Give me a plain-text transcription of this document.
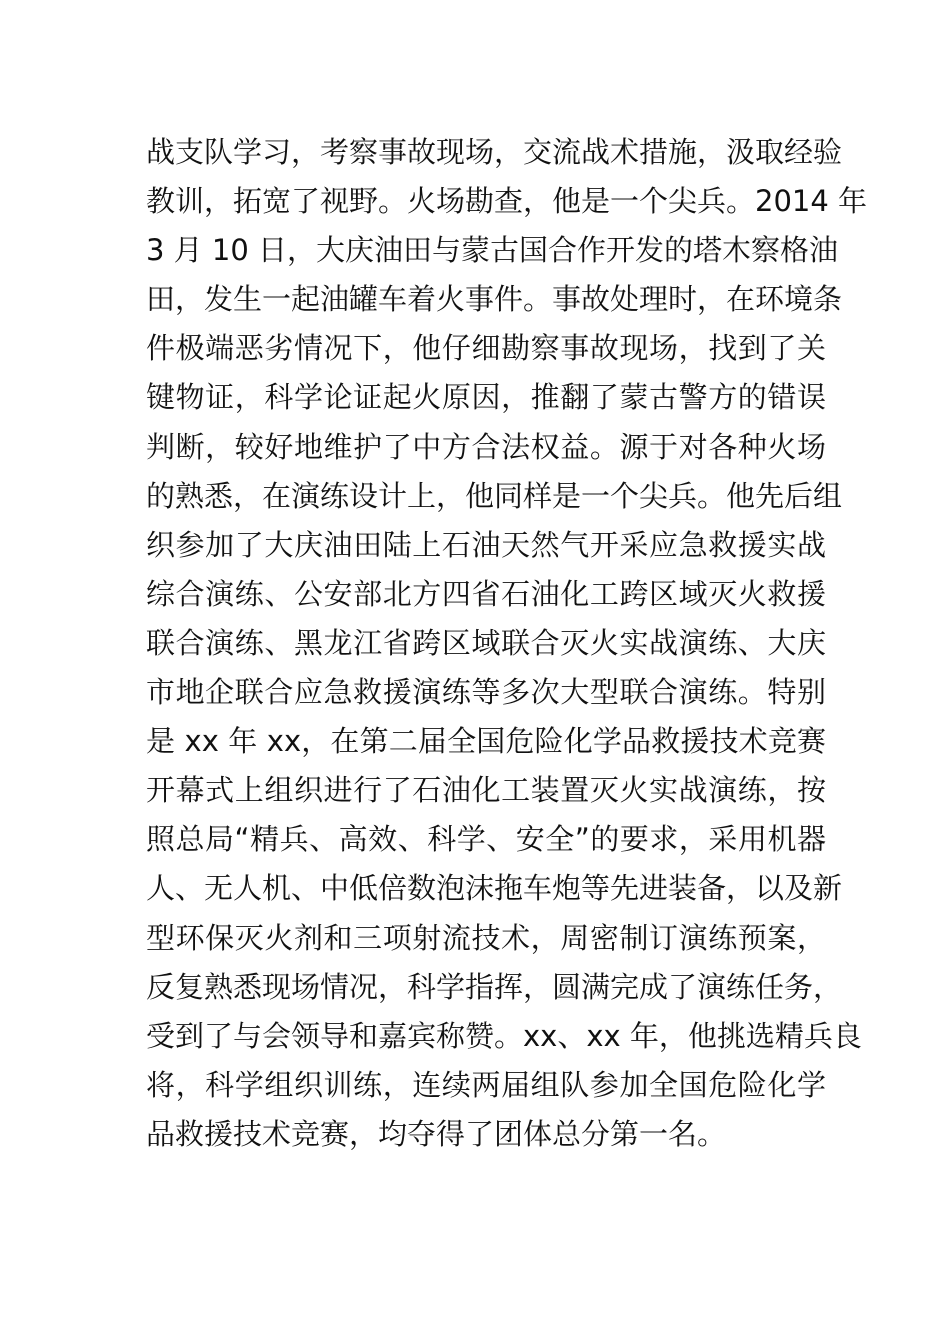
战支队学习，考察事故现场，交流战术措施，汲取经验
教训，拓宽了视野。火场勘查，他是一个尖兵。2014 年
3 月 10 日，大庆油田与蒙古国合作开发的塔木察格油
田，发生一起油罐车着火事件。事故处理时，在环境条
件极端恶劣情况下，他仔细勘察事故现场，找到了关
键物证，科学论证起火原因，推翻了蒙古警方的错误
判断，较好地维护了中方合法权益。源于对各种火场
的熟悉，在演练设计上，他同样是一个尖兵。他先后组
织参加了大庆油田陆上石油天然气开采应急救援实战
综合演练、公安部北方四省石油化工跨区域灭火救援
联合演练、黑龙江省跨区域联合灭火实战演练、大庆
市地企联合应急救援演练等多次大型联合演练。特别
是 xx 年 xx，在第二届全国危险化学品救援技术竞赛
开幕式上组织进行了石油化工装置灭火实战演练，按
照总局“精兵、高效、科学、安全”的要求，采用机器
人、无人机、中低倍数泡沫拖车炮等先进装备，以及新
型环保灭火剂和三项射流技术，周密制订演练预案，
反复熟悉现场情况，科学指挥，圆满完成了演练任务，
受到了与会领导和嘉宾称赞。xx、xx 年，他挑选精兵良
将，科学组织训练，连续两届组队参加全国危险化学
品救援技术竞赛，均夺得了团体总分第一名。
